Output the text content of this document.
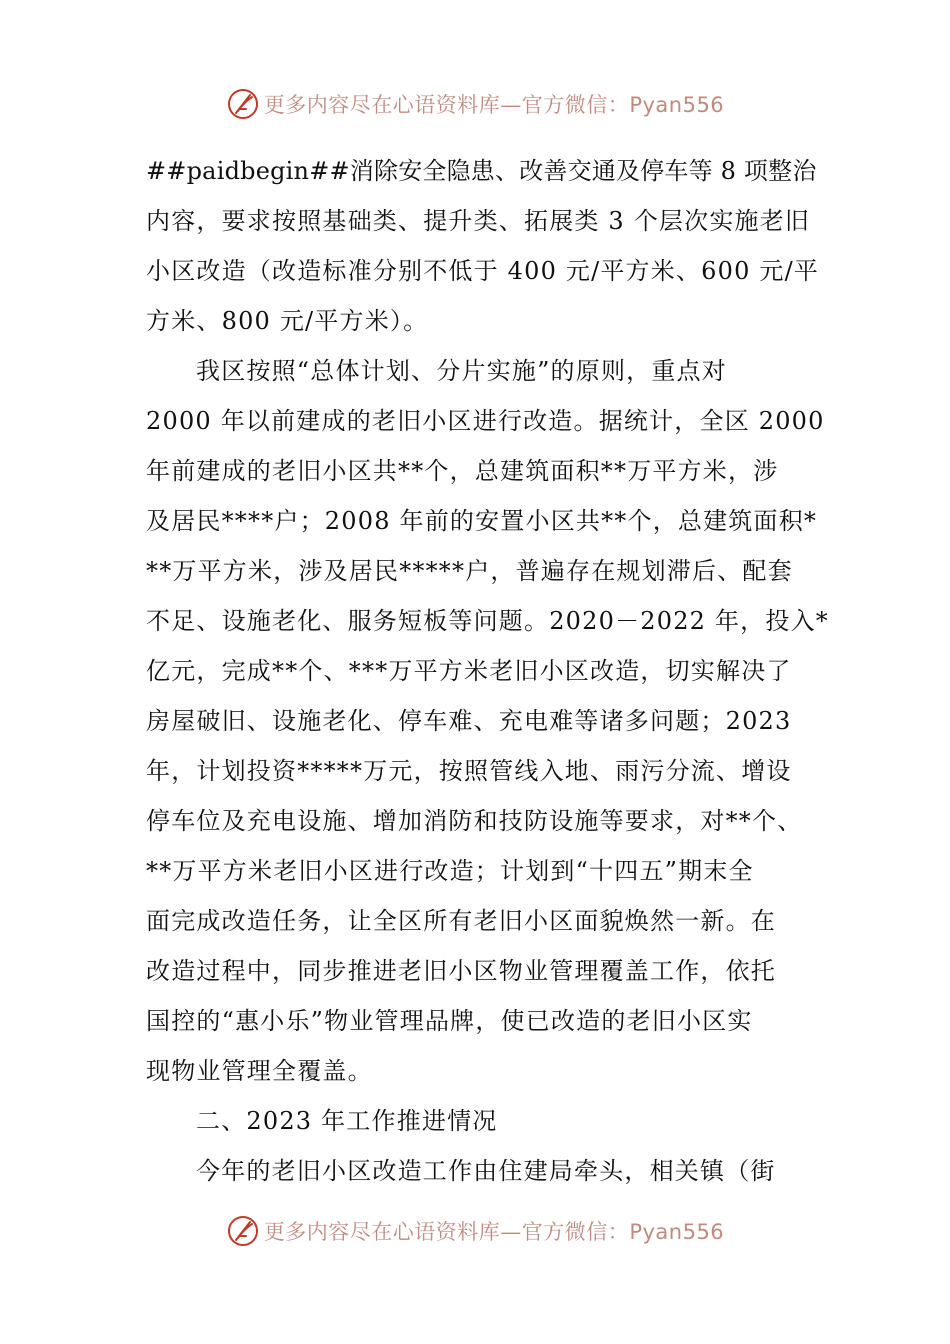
更多内容尽在心语资料库—官方微信：Pyan556
##paidbegin##消除安全隐患、改善交通及停车等 8 项整治
内容，要求按照基础类、提升类、拓展类 3 个层次实施老旧
小区改造（改造标准分别不低于 400 元/平方米、600 元/平
方米、800 元/平方米）。
我区按照“总体计划、分片实施”的原则，重点对
2000 年以前建成的老旧小区进行改造。据统计，全区 2000
年前建成的老旧小区共**个，总建筑面积**万平方米，涉
及居民****户；2008 年前的安置小区共**个，总建筑面积*
**万平方米，涉及居民*****户，普遍存在规划滞后、配套
不足、设施老化、服务短板等问题。2020－2022 年，投入*
亿元，完成**个、***万平方米老旧小区改造，切实解决了
房屋破旧、设施老化、停车难、充电难等诸多问题；2023
年，计划投资*****万元，按照管线入地、雨污分流、增设
停车位及充电设施、增加消防和技防设施等要求，对**个、
**万平方米老旧小区进行改造；计划到“十四五”期末全
面完成改造任务，让全区所有老旧小区面貌焕然一新。在
改造过程中，同步推进老旧小区物业管理覆盖工作，依托
国控的“惠小乐”物业管理品牌，使已改造的老旧小区实
现物业管理全覆盖。
二、2023 年工作推进情况
今年的老旧小区改造工作由住建局牵头，相关镇（街
更多内容尽在心语资料库—官方微信：Pyan556
